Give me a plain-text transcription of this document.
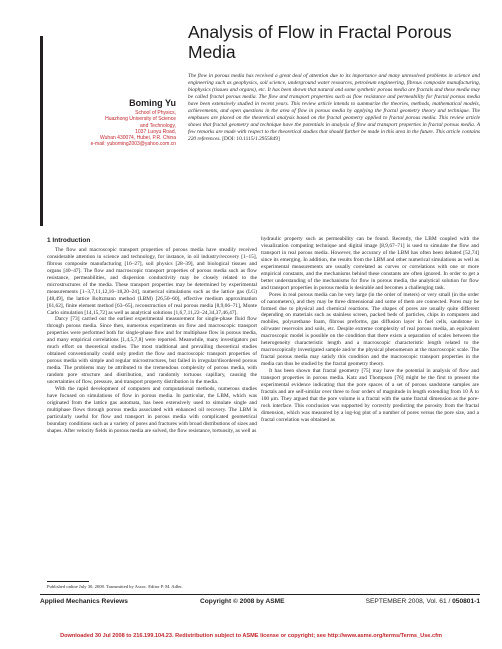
Analysis of Flow in Fractal Porous Media
Boming Yu
School of Physics,
Huazhong University of Science
and Technology,
1037 Luoyu Road,
Wuhan 430074, Hubei, P.R. China
e-mail: yuboming2003@yahoo.com.cn

The flow in porous media has received a great deal of attention due to its importance and many unresolved problems in science and engineering such as geophysics, soil science, underground water resources, petroleum engineering, fibrous composite manufacturing, biophysics (tissues and organs), etc. It has been shown that natural and some synthetic porous media are fractals and these media may be called fractal porous media. The flow and transport properties such as flow resistance and permeability for fractal porous media have been extensively studied in recent years. This review article intends to summarize the theories, methods, mathematical models, achievements, and open questions in the area of flow in porous media by applying the fractal geometry theory and technique. The emphases are placed on the theoretical analysis based on the fractal geometry applied to fractal porous media. This review article shows that fractal geometry and technique have the potentials in analysis of flow and transport properties in fractal porous media. A few remarks are made with respect to the theoretical studies that should further be made in this area in the future. This article contains 220 references. [DOI: 10.1115/1.2955849]

1 Introduction

The flow and macroscopic transport properties of porous media have steadily received considerable attention in science and technology, for instance, in oil industry/recovery [1–15], fibrous composite manufacturing [16–27], soil physics [28–39], and biological tissues and organs [40–47]. The flow and macroscopic transport properties of porous media such as flow resistance, permeabilities, and dispersion conductivity may be closely related to the microstructures of the media. These transport properties may be determined by experimental measurements [1–3,7,11,12,16–18,20–24], numerical simulations such as the lattice gas (LG) [48,49], the lattice Boltzmann method (LBM) [26,50–60], effective medium approximation [61,62], finite element method [63–65], reconstruction of real porous media [8,9,66–71], Monte Carlo simulation [14,15,72] as well as analytical solutions [1,6,7,11,22–24,34,37,46,47].

Darcy [73] carried out the earliest experimental measurement for single-phase fluid flow through porous media. Since then, numerous experiments on flow and macroscopic transport properties were performed both for single-phase flow and for multiphase flow in porous media, and many empirical correlations [1,4,5,7,8] were reported. Meanwhile, many investigators put much effort on theoretical studies. The most traditional and prevailing theoretical studies obtained conventionally could only predict the flow and macroscopic transport properties of porous media with simple and regular microstructures, but failed in irregular/disordered porous media. The problems may be attributed to the tremendous complexity of porous media, with random pore structure and distribution, and randomly tortuous capillary, causing the uncertainties of flow, pressure, and transport property distribution in the media.

With the rapid development of computers and computational methods, numerous studies have focused on simulations of flow in porous media. In particular, the LBM, which was originated from the lattice gas automata, has been extensively used to simulate single and multiphase flows through porous media associated with enhanced oil recovery. The LBM is particularly useful for flow and transport in porous media with complicated geometrical boundary conditions such as a variety of pores and fractures with broad distributions of sizes and shapes. After velocity fields in porous media are solved, the flow resistance, tortuosity, as well as

hydraulic property such as permeability can be found. Recently, the LBM coupled with the visualization computing technique and digital image [8,9,67–71] is used to simulate the flow and transport in real porous media. However, the accuracy of the LBM has often been debated [52,74] since its emerging. In addition, the results from the LBM and other numerical simulations as well as experimental measurements are usually correlated as curves or correlations with one or more empirical constants, and the mechanisms behind these constants are often ignored. In order to get a better understanding of the mechanisms for flow in porous media, the analytical solution for flow and transport properties in porous media is desirable and becomes a challenging task.

Pores in real porous media can be very large (in the order of meters) or very small (in the order of nanometers), and they may be three dimensional and some of them are connected. Pores may be formed due to physical and chemical reactions. The shapes of pores are usually quite different depending on materials such as stainless screen, packed beds of particles, chips in computers and mobiles, polyurethane foam, fibrous preforms, gas diffusion layer in fuel cells, sandstone in oil/water reservoirs and soils, etc. Despite extreme complexity of real porous media, an equivalent macroscopic model is possible on the condition that there exists a separation of scales between the heterogeneity characteristic length and a macroscopic characteristic length related to the macroscopically investigated sample and/or the physical phenomenon at the macroscopic scale. The fractal porous media may satisfy this condition and the macroscopic transport properties in the media can thus be studied by the fractal geometry theory.

It has been shown that fractal geometry [75] may have the potential in analysis of flow and transport properties in porous media. Katz and Thompson [76] might be the first to present the experimental evidence indicating that the pore spaces of a set of porous sandstone samples are fractals and are self-similar over three to four orders of magnitude in length extending from 10 Å to 100 μm. They argued that the pore volume is a fractal with the same fractal dimension as the pore-rock interface. This conclusion was supported by correctly predicting the porosity from the fractal dimension, which was measured by a log-log plot of a number of pores versus the pore size, and a fractal correlation was obtained as

Published online July 30, 2008. Transmitted by Assoc. Editor P. M. Adler.

Applied Mechanics Reviews	Copyright © 2008 by ASME	SEPTEMBER 2008, Vol. 61 / 050801-1
Downloaded 30 Jul 2008 to 216.199.104.23. Redistribution subject to ASME license or copyright; see http://www.asme.org/terms/Terms_Use.cfm
